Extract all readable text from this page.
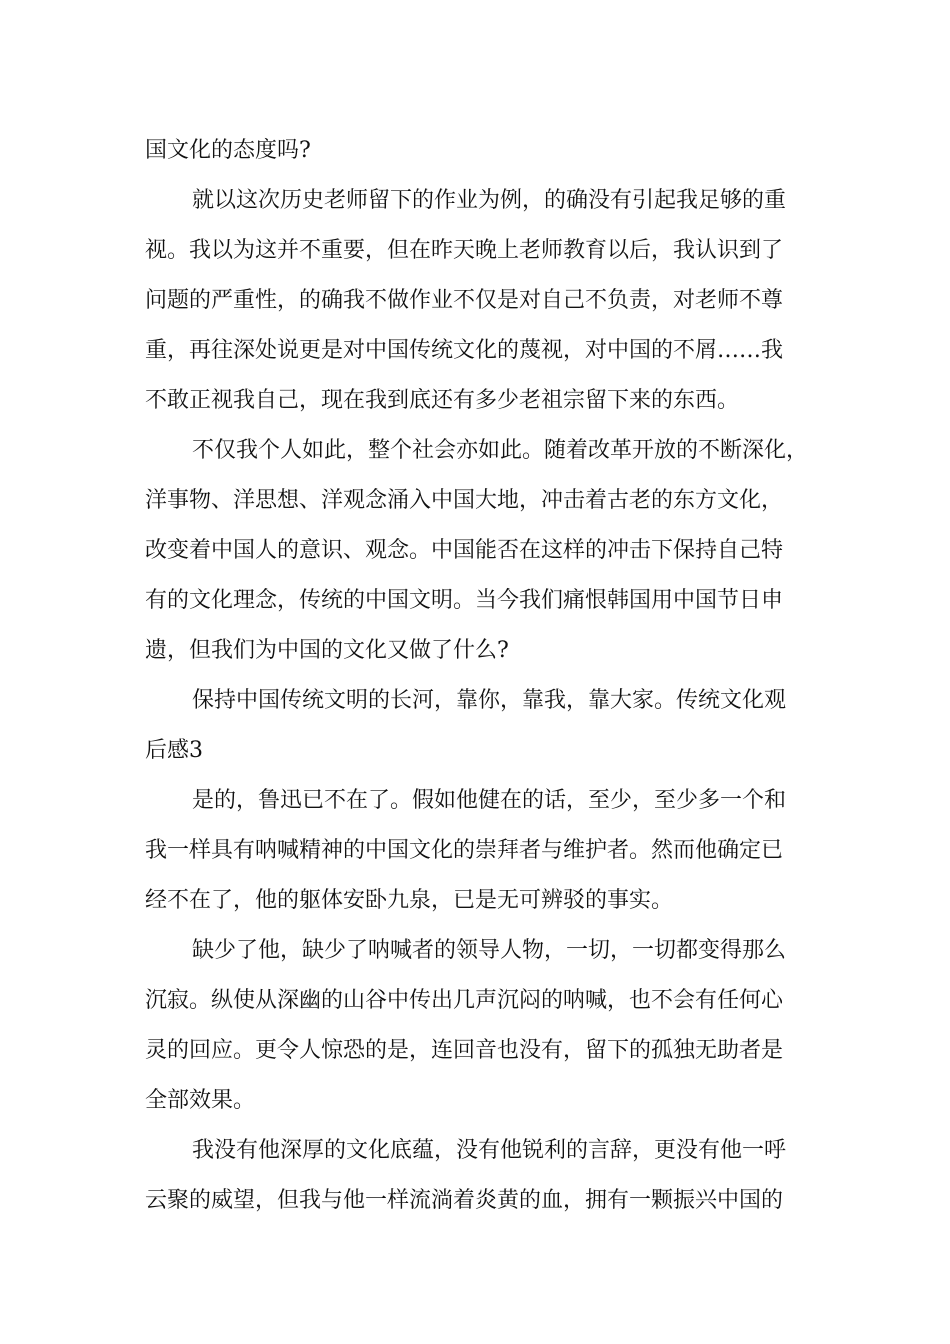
国文化的态度吗?

就以这次历史老师留下的作业为例，的确没有引起我足够的重

视。我以为这并不重要，但在昨天晚上老师教育以后，我认识到了

问题的严重性，的确我不做作业不仅是对自己不负责，对老师不尊

重，再往深处说更是对中国传统文化的蔑视，对中国的不屑……我

不敢正视我自己，现在我到底还有多少老祖宗留下来的东西。

不仅我个人如此，整个社会亦如此。随着改革开放的不断深化，

洋事物、洋思想、洋观念涌入中国大地，冲击着古老的东方文化，

改变着中国人的意识、观念。中国能否在这样的冲击下保持自己特

有的文化理念，传统的中国文明。当今我们痛恨韩国用中国节日申

遗，但我们为中国的文化又做了什么?

保持中国传统文明的长河，靠你，靠我，靠大家。传统文化观

后感3

是的，鲁迅已不在了。假如他健在的话，至少，至少多一个和

我一样具有呐喊精神的中国文化的崇拜者与维护者。然而他确定已

经不在了，他的躯体安卧九泉，已是无可辨驳的事实。

缺少了他，缺少了呐喊者的领导人物，一切，一切都变得那么

沉寂。纵使从深幽的山谷中传出几声沉闷的呐喊，也不会有任何心

灵的回应。更令人惊恐的是，连回音也没有，留下的孤独无助者是

全部效果。

我没有他深厚的文化底蕴，没有他锐利的言辞，更没有他一呼

云聚的威望，但我与他一样流淌着炎黄的血，拥有一颗振兴中国的
